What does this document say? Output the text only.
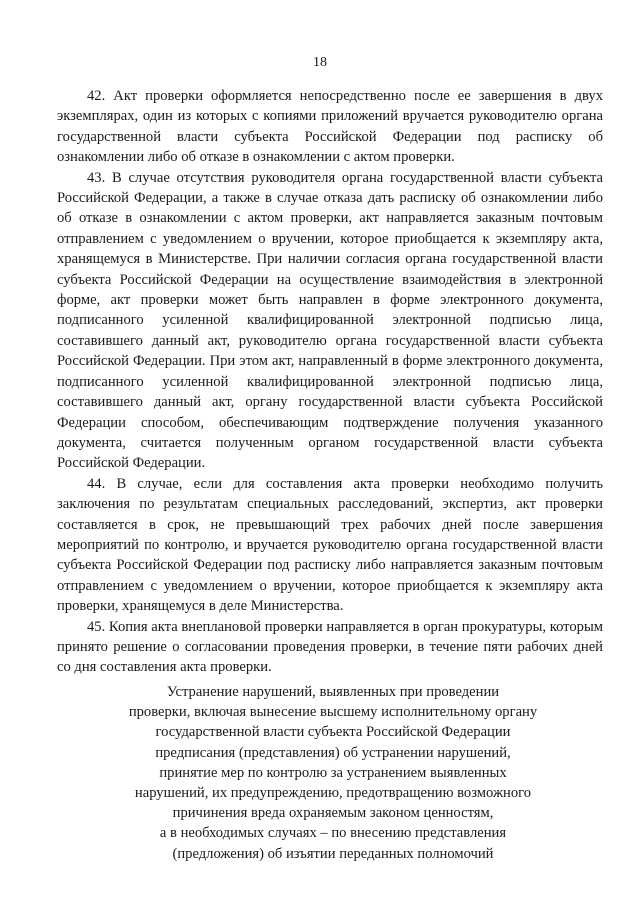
18

42. Акт проверки оформляется непосредственно после ее завершения в двух экземплярах, один из которых с копиями приложений вручается руководителю органа государственной власти субъекта Российской Федерации под расписку об ознакомлении либо об отказе в ознакомлении с актом проверки.

43. В случае отсутствия руководителя органа государственной власти субъекта Российской Федерации, а также в случае отказа дать расписку об ознакомлении либо об отказе в ознакомлении с актом проверки, акт направляется заказным почтовым отправлением с уведомлением о вручении, которое приобщается к экземпляру акта, хранящемуся в Министерстве. При наличии согласия органа государственной власти субъекта Российской Федерации на осуществление взаимодействия в электронной форме, акт проверки может быть направлен в форме электронного документа, подписанного усиленной квалифицированной электронной подписью лица, составившего данный акт, руководителю органа государственной власти субъекта Российской Федерации. При этом акт, направленный в форме электронного документа, подписанного усиленной квалифицированной электронной подписью лица, составившего данный акт, органу государственной власти субъекта Российской Федерации способом, обеспечивающим подтверждение получения указанного документа, считается полученным органом государственной власти субъекта Российской Федерации.

44. В случае, если для составления акта проверки необходимо получить заключения по результатам специальных расследований, экспертиз, акт проверки составляется в срок, не превышающий трех рабочих дней после завершения мероприятий по контролю, и вручается руководителю органа государственной власти субъекта Российской Федерации под расписку либо направляется заказным почтовым отправлением с уведомлением о вручении, которое приобщается к экземпляру акта проверки, хранящемуся в деле Министерства.

45. Копия акта внеплановой проверки направляется в орган прокуратуры, которым принято решение о согласовании проведения проверки, в течение пяти рабочих дней со дня составления акта проверки.

Устранение нарушений, выявленных при проведении
проверки, включая вынесение высшему исполнительному органу
государственной власти субъекта Российской Федерации
предписания (представления) об устранении нарушений,
принятие мер по контролю за устранением выявленных
нарушений, их предупреждению, предотвращению возможного
причинения вреда охраняемым законом ценностям,
а в необходимых случаях – по внесению представления
(предложения) об изъятии переданных полномочий
